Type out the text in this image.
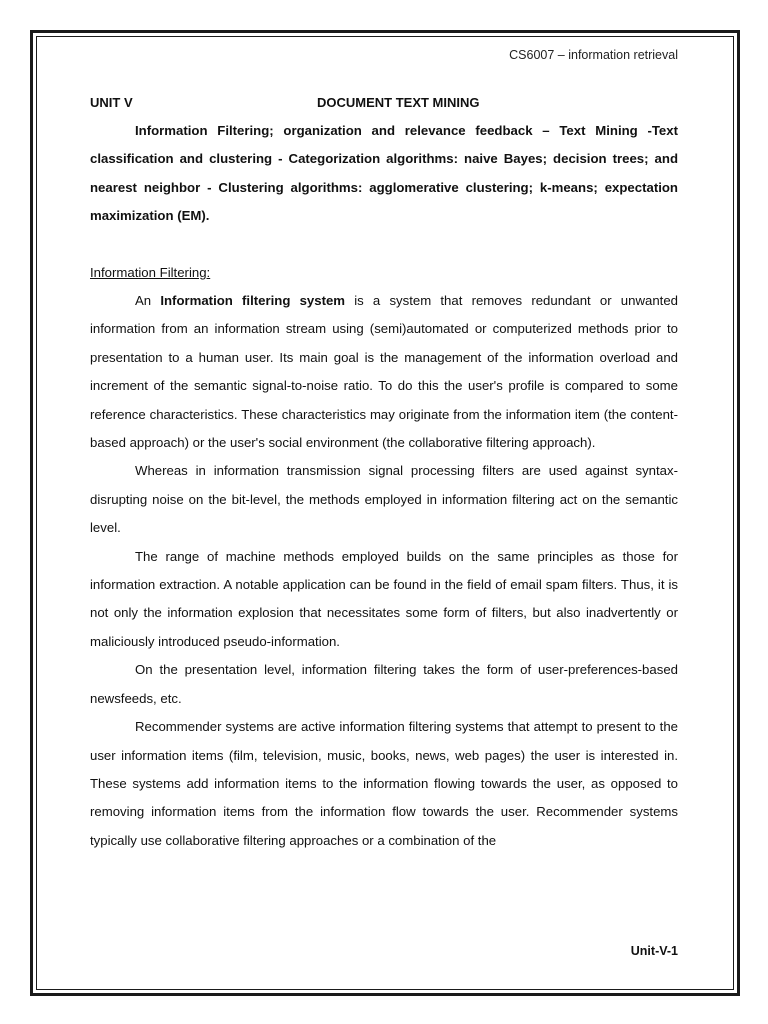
CS6007 – information retrieval
UNIT V	DOCUMENT TEXT MINING
Information Filtering; organization and relevance feedback – Text Mining -Text classification and clustering - Categorization algorithms: naive Bayes; decision trees; and nearest neighbor - Clustering algorithms: agglomerative clustering; k-means; expectation maximization (EM).
Information Filtering:

An Information filtering system is a system that removes redundant or unwanted information from an information stream using (semi)automated or computerized methods prior to presentation to a human user. Its main goal is the management of the information overload and increment of the semantic signal-to-noise ratio. To do this the user's profile is compared to some reference characteristics. These characteristics may originate from the information item (the content-based approach) or the user's social environment (the collaborative filtering approach).

Whereas in information transmission signal processing filters are used against syntax-disrupting noise on the bit-level, the methods employed in information filtering act on the semantic level.

The range of machine methods employed builds on the same principles as those for information extraction. A notable application can be found in the field of email spam filters. Thus, it is not only the information explosion that necessitates some form of filters, but also inadvertently or maliciously introduced pseudo-information.

On the presentation level, information filtering takes the form of user-preferences-based newsfeeds, etc.

Recommender systems are active information filtering systems that attempt to present to the user information items (film, television, music, books, news, web pages) the user is interested in. These systems add information items to the information flowing towards the user, as opposed to removing information items from the information flow towards the user. Recommender systems typically use collaborative filtering approaches or a combination of the

Unit-V-1
